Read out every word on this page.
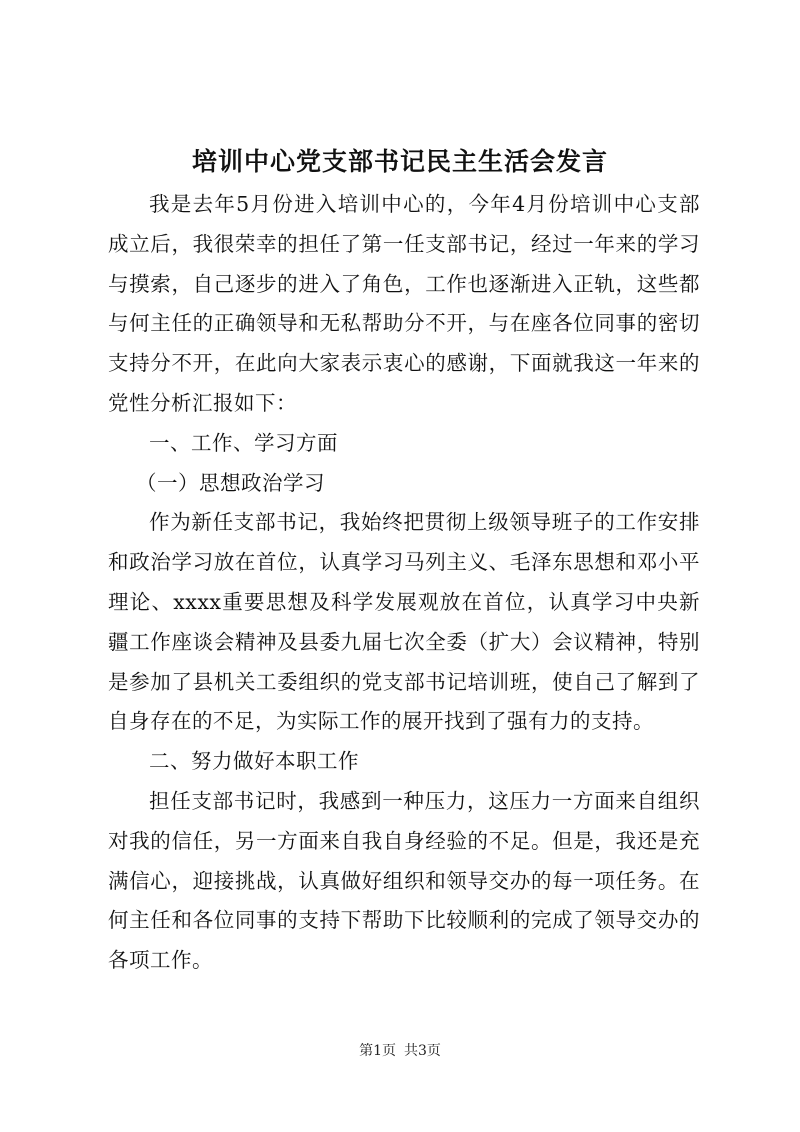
培训中心党支部书记民主生活会发言

我是去年5月份进入培训中心的，今年4月份培训中心支部成立后，我很荣幸的担任了第一任支部书记，经过一年来的学习与摸索，自己逐步的进入了角色，工作也逐渐进入正轨，这些都与何主任的正确领导和无私帮助分不开，与在座各位同事的密切支持分不开，在此向大家表示衷心的感谢，下面就我这一年来的党性分析汇报如下：

一、工作、学习方面

（一）思想政治学习

作为新任支部书记，我始终把贯彻上级领导班子的工作安排和政治学习放在首位，认真学习马列主义、毛泽东思想和邓小平理论、xxxx重要思想及科学发展观放在首位，认真学习中央新疆工作座谈会精神及县委九届七次全委（扩大）会议精神，特别是参加了县机关工委组织的党支部书记培训班，使自己了解到了自身存在的不足，为实际工作的展开找到了强有力的支持。

二、努力做好本职工作

担任支部书记时，我感到一种压力，这压力一方面来自组织对我的信任，另一方面来自我自身经验的不足。但是，我还是充满信心，迎接挑战，认真做好组织和领导交办的每一项任务。在何主任和各位同事的支持下帮助下比较顺利的完成了领导交办的各项工作。

第1页 共3页
